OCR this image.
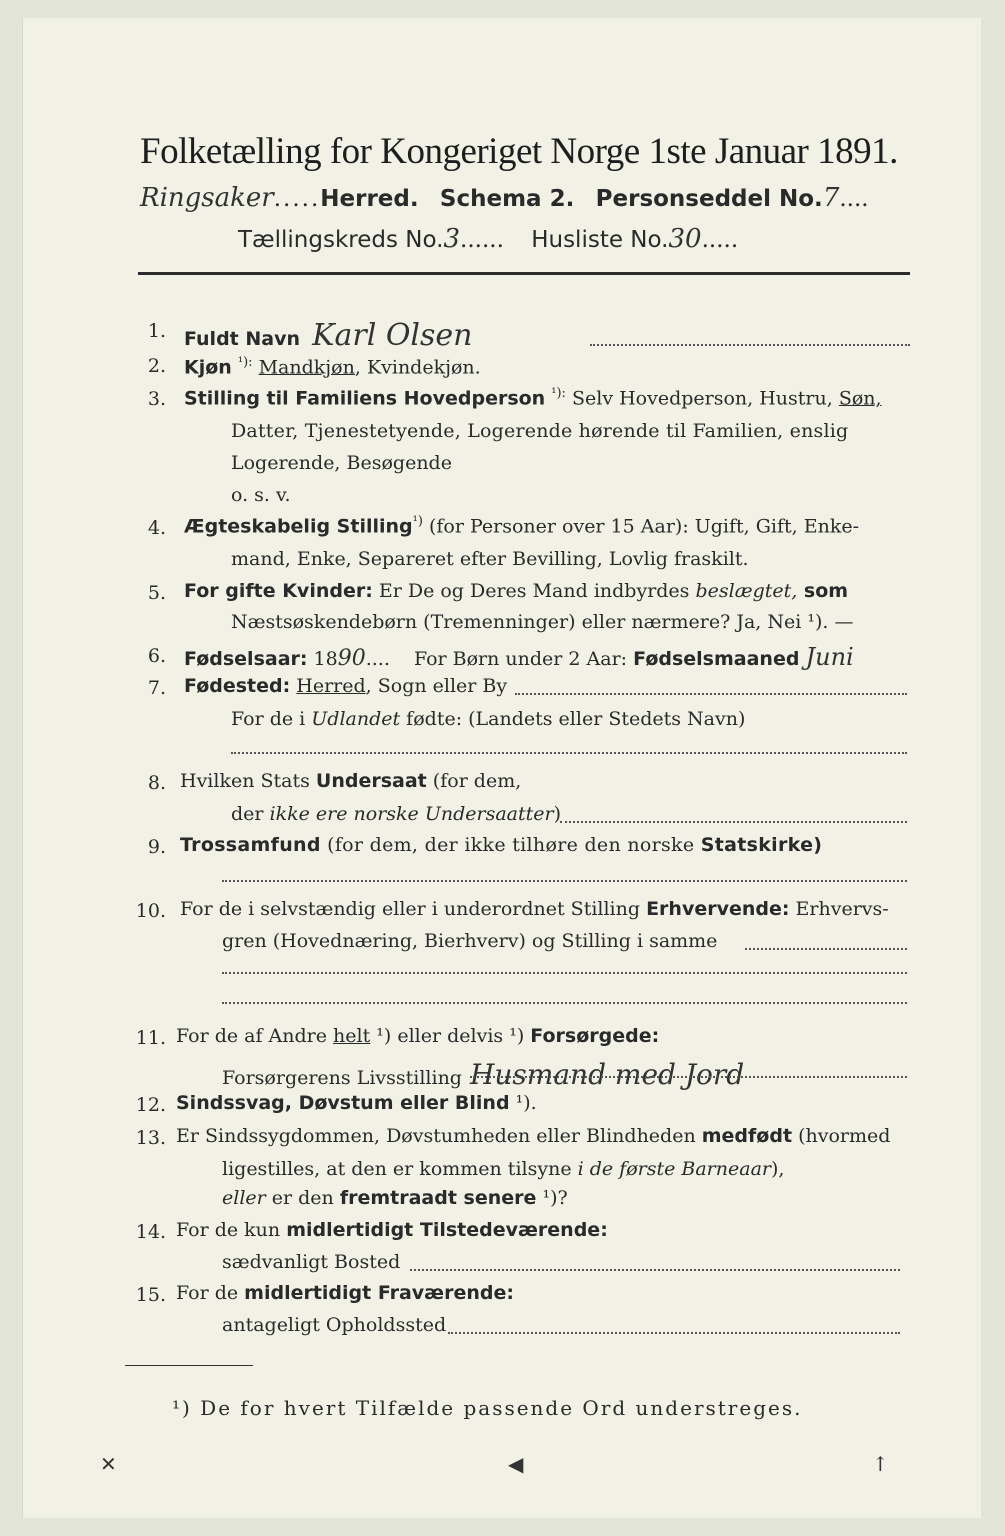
Folketælling for Kongeriget Norge 1ste Januar 1891.
Ringsaker.....Herred. Schema 2. Personseddel No.7....
Tællingskreds No.3...... Husliste No.30.....
1. Fuldt Navn Karl Olsen
2. Kjøn $^{^1):}$ Mandkjøn, Kvindekjøn.
3. Stilling til Familiens Hovedperson $^{^1):}$ Selv Hovedperson, Hustru, Søn,
Datter, Tjenestetyende, Logerende hørende til Familien, enslig
Logerende, Besøgende
o. s. v.
4. Ægteskabelig Stilling$^{^1)}$ (for Personer over 15 Aar): Ugift, Gift, Enke-
mand, Enke, Separeret efter Bevilling, Lovlig fraskilt.
5. For gifte Kvinder: Er De og Deres Mand indbyrdes beslægtet, som
Næstsøskendebørn (Tremenninger) eller nærmere? Ja, Nei ¹). —
6. Fødselsaar: 1890.... For Børn under 2 Aar: Fødselsmaaned Juni
7. Fødested: Herred, Sogn eller By
For de i Udlandet fødte: (Landets eller Stedets Navn)
8. Hvilken Stats Undersaat (for dem,
der ikke ere norske Undersaatter)
9. Trossamfund (for dem, der ikke tilhøre den norske Statskirke)
10. For de i selvstændig eller i underordnet Stilling Erhvervende: Erhvervs-
gren (Hovednæring, Bierhverv) og Stilling i samme
11. For de af Andre helt ¹) eller delvis ¹) Forsørgede:
Forsørgerens Livsstilling Husmand med Jord
12. Sindssvag, Døvstum eller Blind ¹).
13. Er Sindssygdommen, Døvstumheden eller Blindheden medfødt (hvormed
ligestilles, at den er kommen tilsyne i de første Barneaar),
eller er den fremtraadt senere ¹)?
14. For de kun midlertidigt Tilstedeværende:
sædvanligt Bosted
15. For de midlertidigt Fraværende:
antageligt Opholdssted
¹) De for hvert Tilfælde passende Ord understreges.
✕	◀	↑
